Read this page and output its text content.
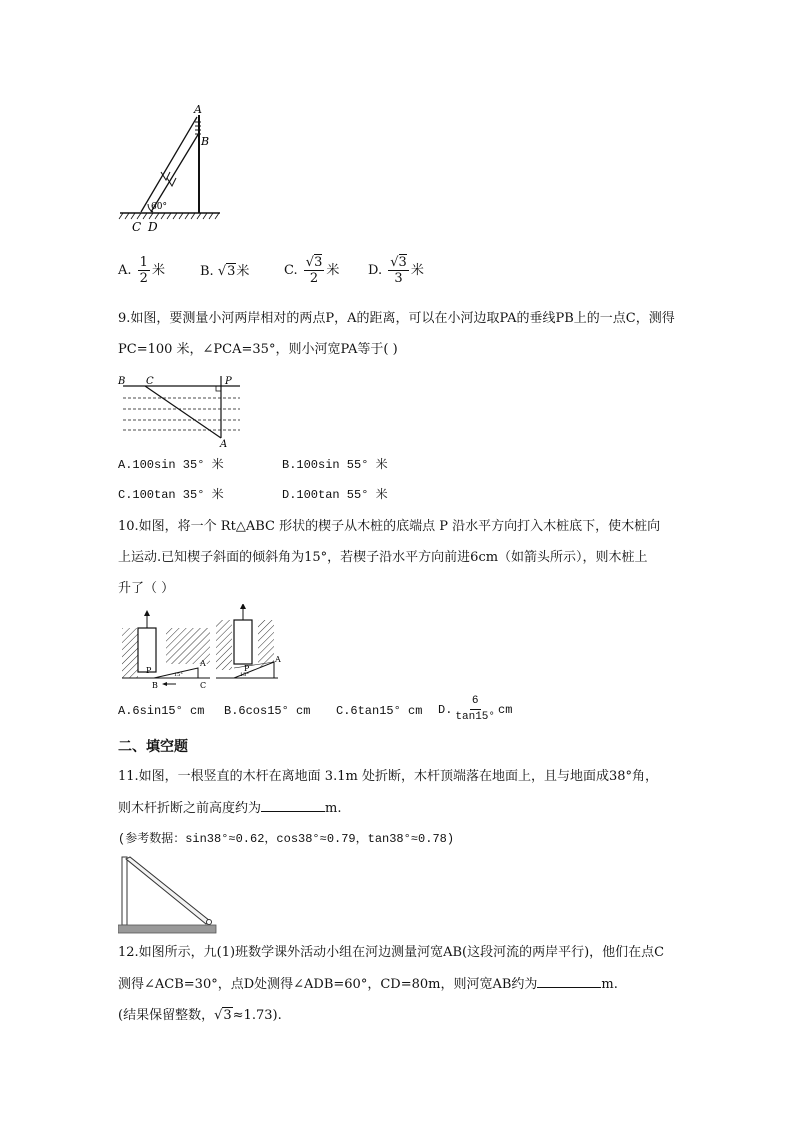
A
B
60°
C D
A. $\frac{1}{2}$ 米	B. √3米	C. $\frac{√3}{2}$ 米 D. $\frac{√3}{3}$ 米
9.如图，要测量小河两岸相对的两点P，A的距离，可以在小河边取PA的垂线PB上的一点C，测得
PC=100 米，∠PCA=35°，则小河宽PA等于( )
B C	P
A
A.100sin 35° 米	B.100sin 55° 米
C.100tan 35° 米	D.100tan 55° 米
10.如图，将一个 Rt△ABC 形状的楔子从木桩的底端点 P 沿水平方向打入木桩底下，使木桩向
上运动.已知楔子斜面的倾斜角为15°，若楔子沿水平方向前进6cm（如箭头所示），则木桩上
升了（ ）
P
A
B	C
15°
P
A
15°
A.6sin15° cm B.6cos15° cm C.6tan15° cm D. $\frac{6}{\tan 15^\circ}$ cm
二、填空题
11.如图，一根竖直的木杆在离地面 3.1m 处折断，木杆顶端落在地面上，且与地面成38°角，
则木杆折断之前高度约为	m.
(参考数据：sin38°≈0.62，cos38°≈0.79，tan38°≈0.78)
12.如图所示，九(1)班数学课外活动小组在河边测量河宽AB(这段河流的两岸平行)，他们在点C
测得∠ACB=30°，点D处测得∠ADB=60°，CD=80m，则河宽AB约为	m.
(结果保留整数，√3≈1.73).
